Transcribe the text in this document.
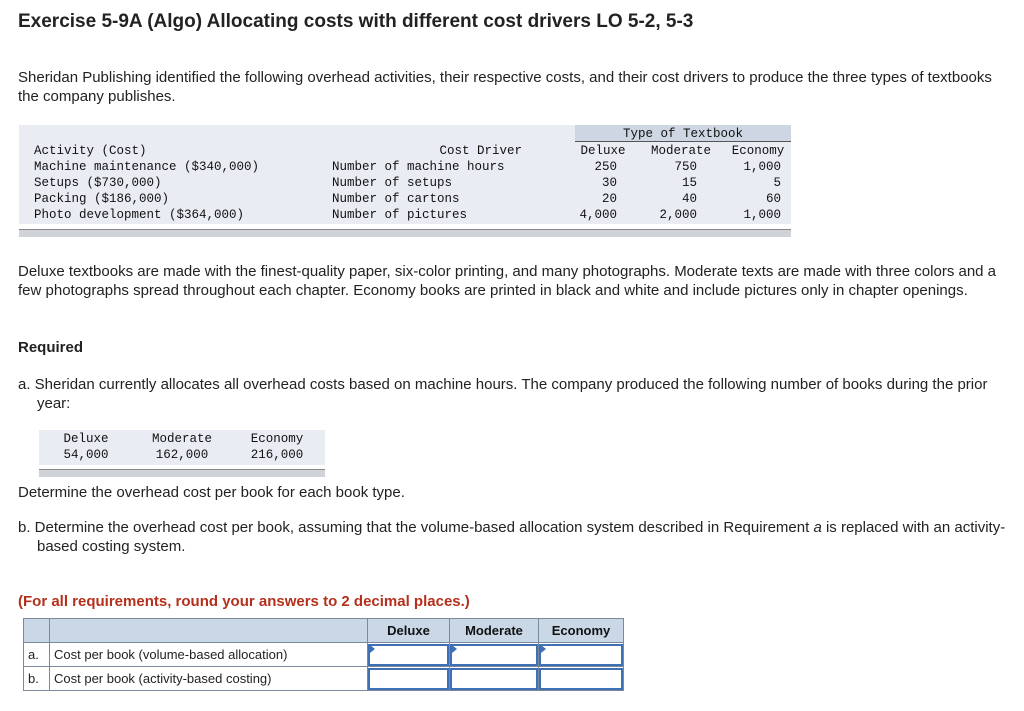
Exercise 5-9A (Algo) Allocating costs with different cost drivers LO 5-2, 5-3

Sheridan Publishing identified the following overhead activities, their respective costs, and their cost drivers to produce the three types of textbooks the company publishes.

Type of Textbook
Activity (Cost)	Cost Driver	Deluxe	Moderate	Economy
Machine maintenance ($340,000)	Number of machine hours	250	750	1,000
Setups ($730,000)	Number of setups	30	15	5
Packing ($186,000)	Number of cartons	20	40	60
Photo development ($364,000)	Number of pictures	4,000	2,000	1,000

Deluxe textbooks are made with the finest-quality paper, six-color printing, and many photographs. Moderate texts are made with three colors and a few photographs spread throughout each chapter. Economy books are printed in black and white and include pictures only in chapter openings.

Required

a. Sheridan currently allocates all overhead costs based on machine hours. The company produced the following number of books during the prior year:

Deluxe	Moderate	Economy
54,000	162,000	216,000

Determine the overhead cost per book for each book type.

b. Determine the overhead cost per book, assuming that the volume-based allocation system described in Requirement a is replaced with an activity-based costing system.

(For all requirements, round your answers to 2 decimal places.)

		Deluxe	Moderate	Economy
a.	Cost per book (volume-based allocation)	

b.	Cost per book (activity-based costing)			
